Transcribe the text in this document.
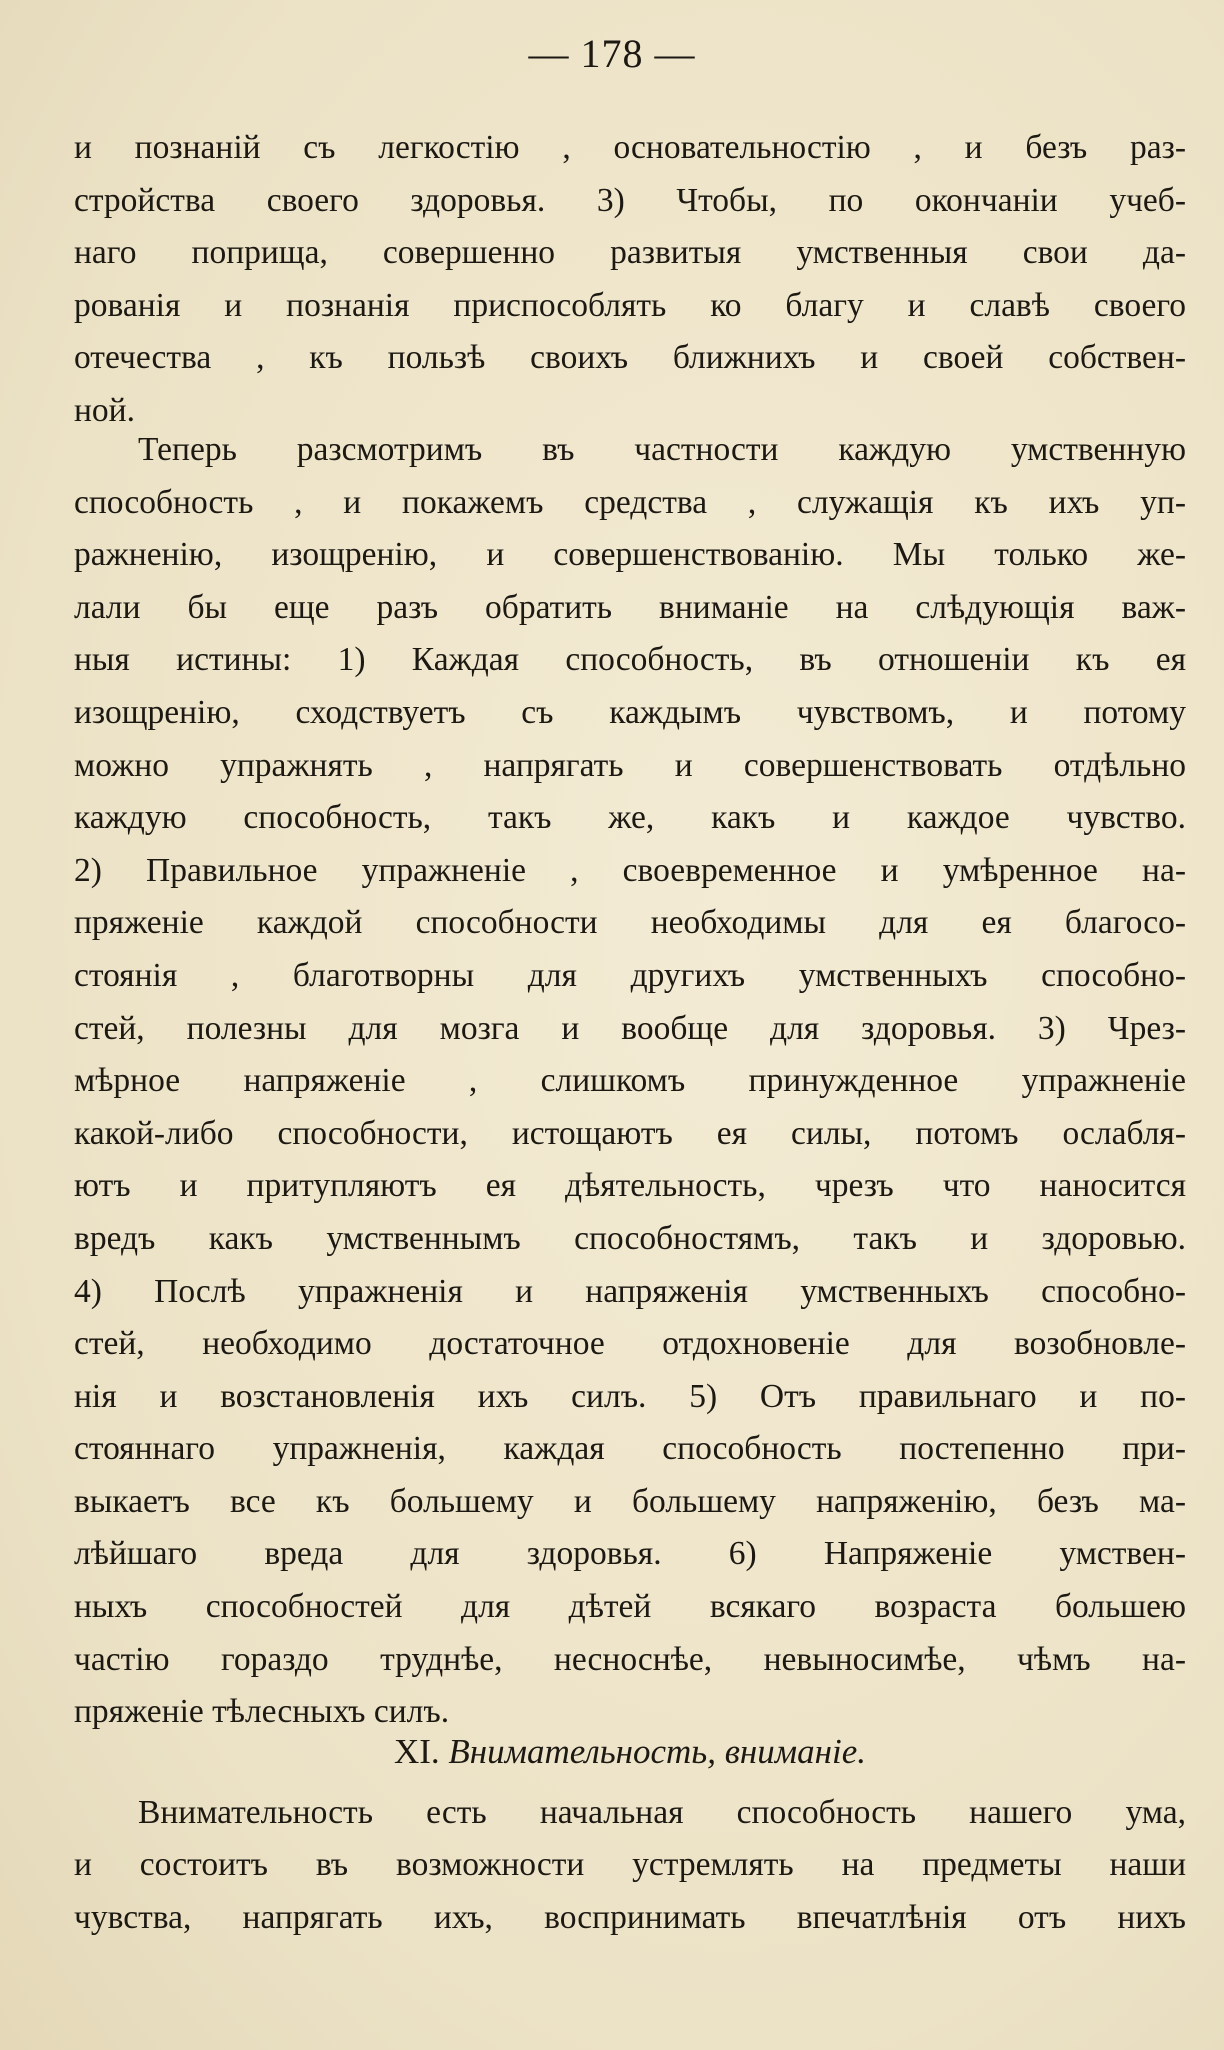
— 178 —
и познаній съ легкостію , основательностію , и безъ раз-
стройства своего здоровья. 3) Чтобы, по окончаніи учеб-
наго поприща, совершенно развитыя умственныя свои да-
рованія и познанія приспособлять ко благу и славѣ своего
отечества , къ пользѣ своихъ ближнихъ и своей собствен-
ной.
Теперь разсмотримъ въ частности каждую умственную
способность , и покажемъ средства , служащія къ ихъ уп-
ражненію, изощренію, и совершенствованію. Мы только же-
лали бы еще разъ обратить вниманіе на слѣдующія важ-
ныя истины: 1) Каждая способность, въ отношеніи къ ея
изощренію, сходствуетъ съ каждымъ чувствомъ, и потому
можно упражнять , напрягать и совершенствовать отдѣльно
каждую способность, такъ же, какъ и каждое чувство.
2) Правильное упражненіе , своевременное и умѣренное на-
пряженіе каждой способности необходимы для ея благосо-
стоянія , благотворны для другихъ умственныхъ способно-
стей, полезны для мозга и вообще для здоровья. 3) Чрез-
мѣрное напряженіе , слишкомъ принужденное упражненіе
какой-либо способности, истощаютъ ея силы, потомъ ослабля-
ютъ и притупляютъ ея дѣятельность, чрезъ что наносится
вредъ какъ умственнымъ способностямъ, такъ и здоровью.
4) Послѣ упражненія и напряженія умственныхъ способно-
стей, необходимо достаточное отдохновеніе для возобновле-
нія и возстановленія ихъ силъ. 5) Отъ правильнаго и по-
стояннаго упражненія, каждая способность постепенно при-
выкаетъ все къ большему и большему напряженію, безъ ма-
лѣйшаго вреда для здоровья. 6) Напряженіе умствен-
ныхъ способностей для дѣтей всякаго возраста большею
частію гораздо труднѣе, несноснѣе, невыносимѣе, чѣмъ на-
пряженіе тѣлесныхъ силъ.
XI. Внимательность, вниманіе.
Внимательность есть начальная способность нашего ума,
и состоитъ въ возможности устремлять на предметы наши
чувства, напрягать ихъ, воспринимать впечатлѣнія отъ нихъ
